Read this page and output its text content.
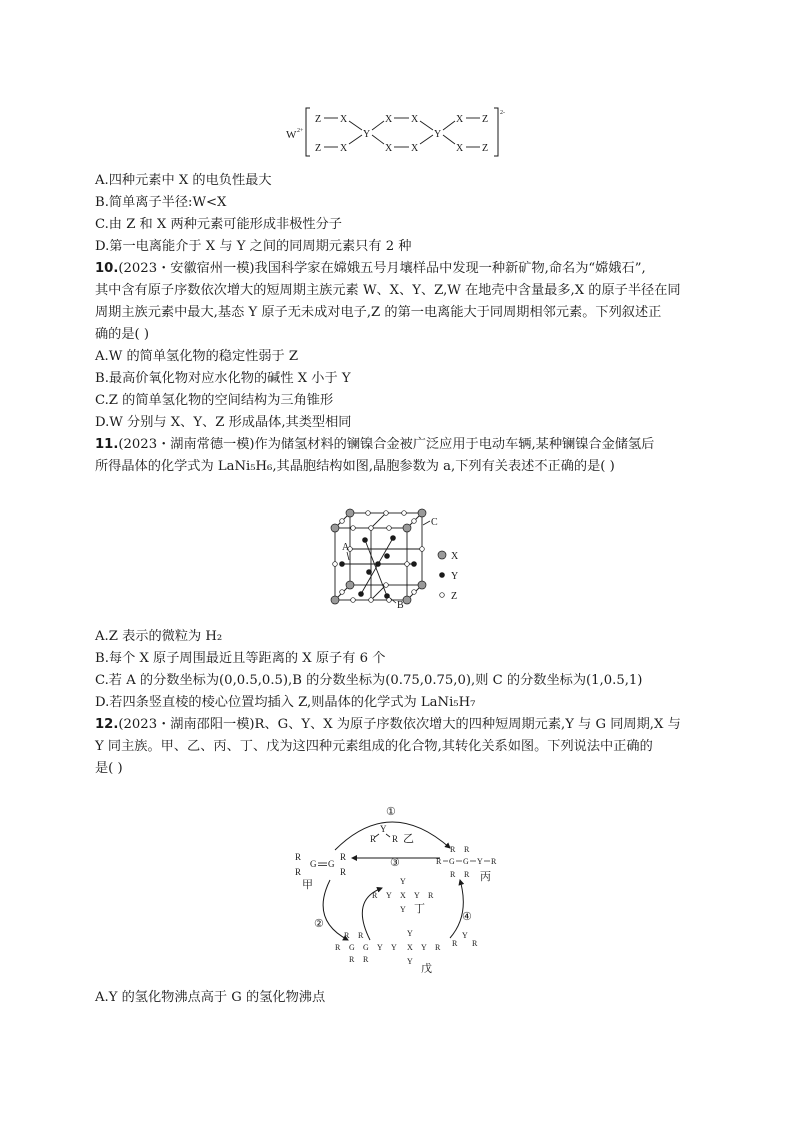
W 2+
2-
Z X	X X	X Z
Z X	X X	X Z
Y	Y
A.四种元素中 X 的电负性最大
B.简单离子半径:W<X
C.由 Z 和 X 两种元素可能形成非极性分子
D.第一电离能介于 X 与 Y 之间的同周期元素只有 2 种
10.(2023・安徽宿州一模)我国科学家在嫦娥五号月壤样品中发现一种新矿物,命名为“嫦娥石”,
其中含有原子序数依次增大的短周期主族元素 W、X、Y、Z,W 在地壳中含量最多,X 的原子半径在同
周期主族元素中最大,基态 Y 原子无未成对电子,Z 的第一电离能大于同周期相邻元素。下列叙述正
确的是( )
A.W 的简单氢化物的稳定性弱于 Z
B.最高价氧化物对应水化物的碱性 X 小于 Y
C.Z 的简单氢化物的空间结构为三角锥形
D.W 分别与 X、Y、Z 形成晶体,其类型相同
11.(2023・湖南常德一模)作为储氢材料的镧镍合金被广泛应用于电动车辆,某种镧镍合金储氢后
所得晶体的化学式为 LaNi₅H₆,其晶胞结构如图,晶胞参数为 a,下列有关表述不正确的是( )
A
B
C
X
Y
Z
A.Z 表示的微粒为 H₂
B.每个 X 原子周围最近且等距离的 X 原子有 6 个
C.若 A 的分数坐标为(0,0.5,0.5),B 的分数坐标为(0.75,0.75,0),则 C 的分数坐标为(1,0.5,1)
D.若四条竖直棱的棱心位置均插入 Z,则晶体的化学式为 LaNi₅H₇
12.(2023・湖南邵阳一模)R、G、Y、X 为原子序数依次增大的四种短周期元素,Y 与 G 同周期,X 与
Y 同主族。甲、乙、丙、丁、戊为这四种元素组成的化合物,其转化关系如图。下列说法中正确的
是( )
①
③
②
④
Y
R R 乙
R
R
G G
R
R
甲
R R
R G G Y R
R R 丙
Y
R Y X Y R
Y 丁
Y
R R
R G G Y Y X Y R
R R	Y
戊
Y
R R
A.Y 的氢化物沸点高于 G 的氢化物沸点
